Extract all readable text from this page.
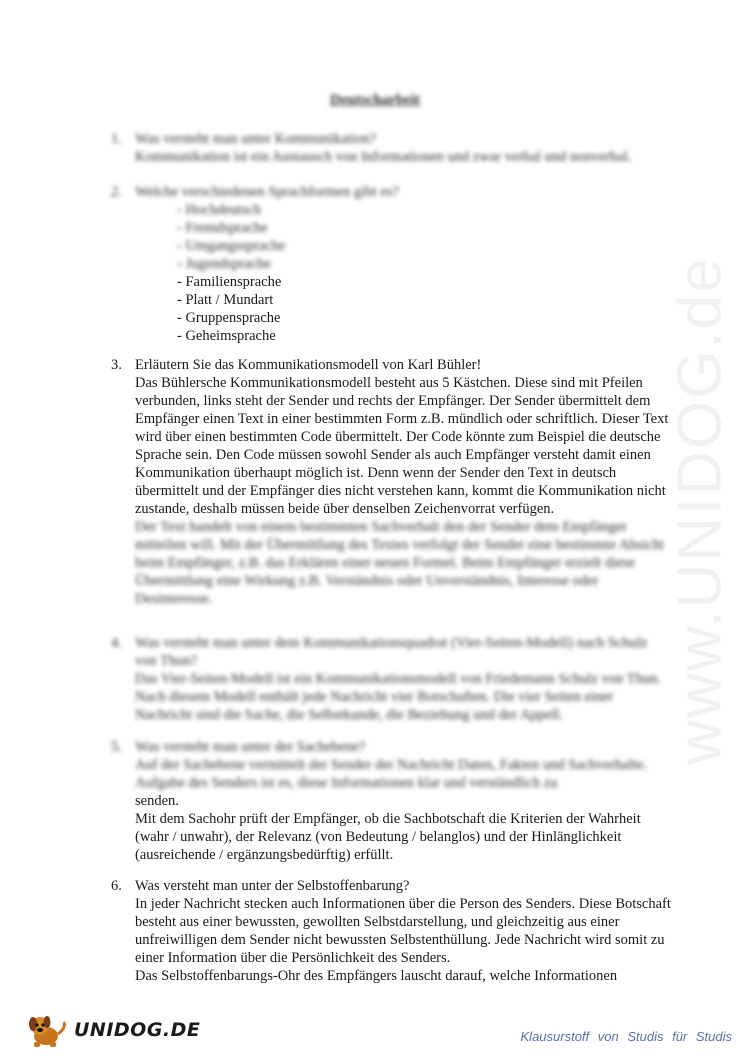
www.UNIDOG.de
Deutscharbeit
1. Was versteht man unter Kommunikation?

Kommunikation ist ein Austausch von Informationen und zwar verbal und nonverbal.

2. Welche verschiedenen Sprachformen gibt es?

- Hochdeutsch
- Fremdsprache
- Umgangssprache
- Jugendsprache
- Familiensprache
- Platt / Mundart
- Gruppensprache
- Geheimsprache
3. Erläutern Sie das Kommunikationsmodell von Karl Bühler!

Das Bühlersche Kommunikationsmodell besteht aus 5 Kästchen. Diese sind mit Pfeilen verbunden, links steht der Sender und rechts der Empfänger. Der Sender übermittelt dem Empfänger einen Text in einer bestimmten Form z.B. mündlich oder schriftlich. Dieser Text wird über einen bestimmten Code übermittelt. Der Code könnte zum Beispiel die deutsche Sprache sein. Den Code müssen sowohl Sender als auch Empfänger versteht damit einen Kommunikation überhaupt möglich ist. Denn wenn der Sender den Text in deutsch übermittelt und der Empfänger dies nicht verstehen kann, kommt die Kommunikation nicht zustande, deshalb müssen beide über denselben Zeichenvorrat verfügen.

Der Text handelt von einem bestimmten Sachverhalt den der Sender dem Empfänger mitteilen will. Mit der Übermittlung des Textes verfolgt der Sender eine bestimmte Absicht beim Empfänger, z.B. das Erklären einer neuen Formel. Beim Empfänger erzielt diese Übermittlung eine Wirkung z.B. Verständnis oder Unverständnis, Interesse oder Desinteresse.

4. Was versteht man unter dem Kommunikationsquadrat (Vier-Seiten-Modell) nach Schulz von Thun?

Das Vier-Seiten-Modell ist ein Kommunikationsmodell von Friedemann Schulz von Thun. Nach diesem Modell enthält jede Nachricht vier Botschaften. Die vier Seiten einer Nachricht sind die Sache, die Selbstkunde, die Beziehung und der Appell.

5. Was versteht man unter der Sachebene?

Auf der Sachebene vermittelt der Sender der Nachricht Daten, Fakten und Sachverhalte. Aufgabe des Senders ist es, diese Informationen klar und verständlich zu

senden.

Mit dem Sachohr prüft der Empfänger, ob die Sachbotschaft die Kriterien der Wahrheit (wahr / unwahr), der Relevanz (von Bedeutung / belanglos) und der Hinlänglichkeit (ausreichende / ergänzungsbedürftig) erfüllt.

6. Was versteht man unter der Selbstoffenbarung?

In jeder Nachricht stecken auch Informationen über die Person des Senders. Diese Botschaft besteht aus einer bewussten, gewollten Selbstdarstellung, und gleichzeitig aus einer unfreiwilligen dem Sender nicht bewussten Selbstenthüllung. Jede Nachricht wird somit zu einer Information über die Persönlichkeit des Senders.

Das Selbstoffenbarungs-Ohr des Empfängers lauscht darauf, welche Informationen

UNIDOG.DE	Klausurstoff von Studis für Studis
